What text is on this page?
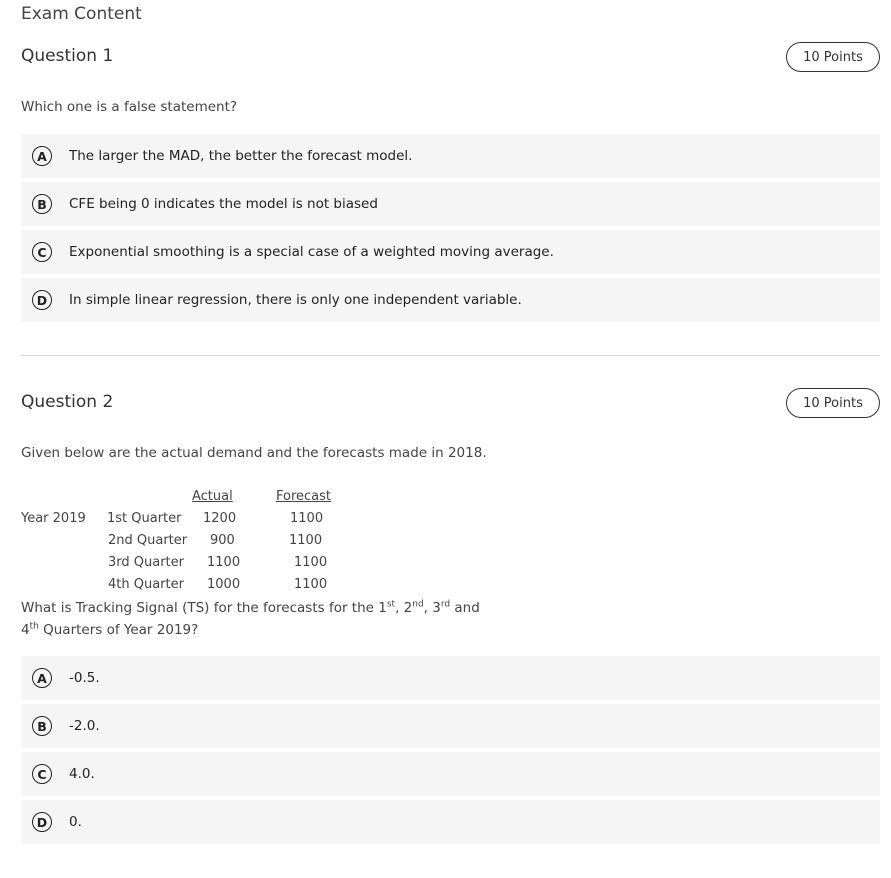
Exam Content
Question 1	10 Points
Which one is a false statement?
A	The larger the MAD, the better the forecast model.
B	CFE being 0 indicates the model is not biased
C	Exponential smoothing is a special case of a weighted moving average.
D	In simple linear regression, there is only one independent variable.
Question 2	10 Points
Given below are the actual demand and the forecasts made in 2018.
Actual	Forecast
Year 2019 1st Quarter 1200	1100
2nd Quarter 900	1100
3rd Quarter 1100	1100
4th Quarter 1000	1100
What is Tracking Signal (TS) for the forecasts for the 1st, 2nd, 3rd and
4th Quarters of Year 2019?
A	-0.5.
B	-2.0.
C	4.0.
D	0.
